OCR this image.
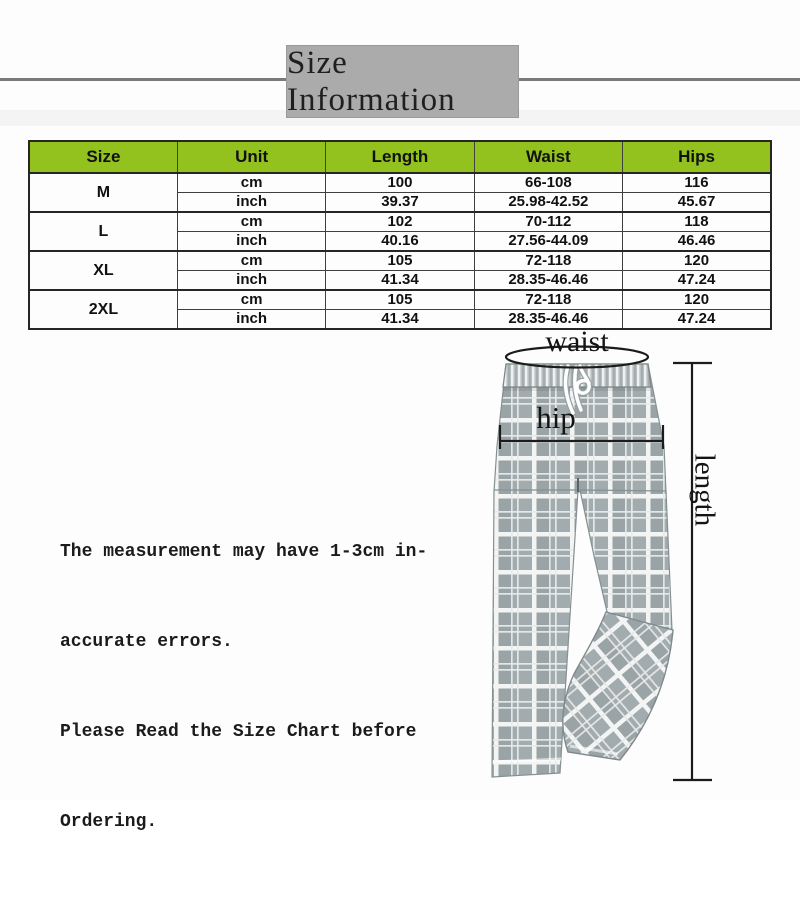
Size Information
Size	Unit	Length	Waist	Hips
M	cm	100	66-108	116
	inch	39.37	25.98-42.52	45.67
L	cm	102	70-112	118
	inch	40.16	27.56-44.09	46.46
XL	cm	105	72-118	120
	inch	41.34	28.35-46.46	47.24
2XL	cm	105	72-118	120
	inch	41.34	28.35-46.46	47.24

The measurement may have 1-3cm in-

accurate errors.

Please Read the Size Chart before

Ordering.

waist
hip
length
